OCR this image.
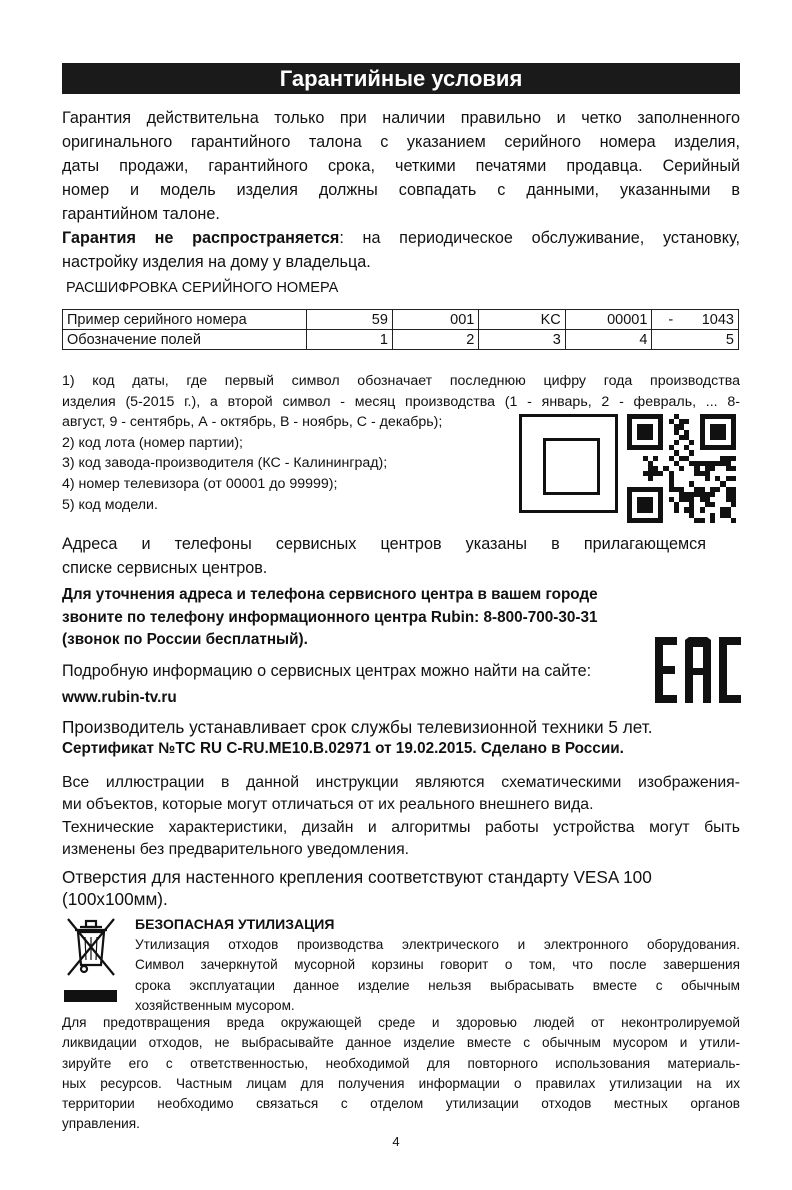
Гарантийные условия
Гарантия действительна только при наличии правильно и четко заполненного
оригинального гарантийного талона с указанием серийного номера изделия,
даты продажи, гарантийного срока, четкими печатями продавца. Серийный
номер и модель изделия должны совпадать с данными, указанными в
гарантийном талоне.
Гарантия не распространяется: на периодическое обслуживание, установку,
настройку изделия на дому у владельца.
РАСШИФРОВКА СЕРИЙНОГО НОМЕРА
Пример серийного номера	59	001	KC	00001	- 1043

Обозначение полей	1	2	3	4	5
1) код даты, где первый символ обозначает последнюю цифру года производства
изделия (5-2015 г.), а второй символ - месяц производства (1 - январь, 2 - февраль, ... 8-
август, 9 - сентябрь, А - октябрь, В - ноябрь, С - декабрь);
2) код лота (номер партии);
3) код завода-производителя (КС - Калининград);
4) номер телевизора (от 00001 до 99999);
5) код модели.
Адреса и телефоны сервисных центров указаны в прилагающемся
списке сервисных центров.
Для уточнения адреса и телефона сервисного центра в вашем городе
звоните по телефону информационного центра Rubin: 8-800-700-30-31
(звонок по России бесплатный).
Подробную информацию о сервисных центрах можно найти на сайте:
www.rubin-tv.ru
Производитель устанавливает срок службы телевизионной техники 5 лет.
Сертификат №ТС RU C-RU.ME10.B.02971 от 19.02.2015. Сделано в России.
Все иллюстрации в данной инструкции являются схематическими изображения-
ми объектов, которые могут отличаться от их реального внешнего вида.
Технические характеристики, дизайн и алгоритмы работы устройства могут быть
изменены без предварительного уведомления.
Отверстия для настенного крепления соответствуют стандарту VESA 100
(100х100мм).
БЕЗОПАСНАЯ УТИЛИЗАЦИЯ
Утилизация отходов производства электрического и электронного оборудования.
Символ зачеркнутой мусорной корзины говорит о том, что после завершения
срока эксплуатации данное изделие нельзя выбрасывать вместе с обычным
хозяйственным мусором.
Для предотвращения вреда окружающей среде и здоровью людей от неконтролируемой
ликвидации отходов, не выбрасывайте данное изделие вместе с обычным мусором и утили-
зируйте его с ответственностью, необходимой для повторного использования материаль-
ных ресурсов. Частным лицам для получения информации о правилах утилизации на их
территории необходимо связаться с отделом утилизации отходов местных органов
управления.
4
